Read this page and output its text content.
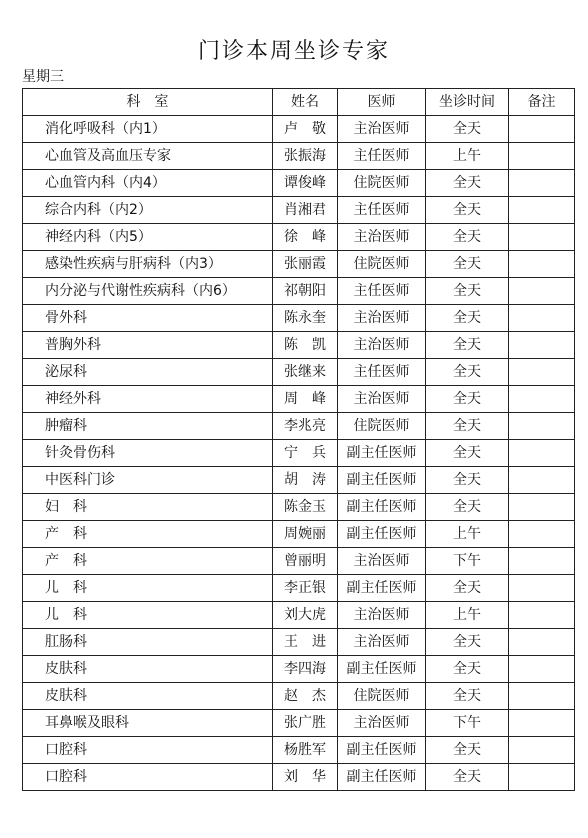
门诊本周坐诊专家
星期三
科　室	姓名	医师	坐诊时间	备注
消化呼吸科（内1）	卢　敬	主治医师	全天	
心血管及高血压专家	张振海	主任医师	上午	
心血管内科（内4）	谭俊峰	住院医师	全天	
综合内科（内2）	肖湘君	主任医师	全天	
神经内科（内5）	徐　峰	主治医师	全天	
感染性疾病与肝病科（内3）	张丽霞	住院医师	全天	
内分泌与代谢性疾病科（内6）	祁朝阳	主任医师	全天	
骨外科	陈永奎	主治医师	全天	
普胸外科	陈　凯	主治医师	全天	
泌尿科	张继来	主任医师	全天	
神经外科	周　峰	主治医师	全天	
肿瘤科	李兆亮	住院医师	全天	
针灸骨伤科	宁　兵	副主任医师	全天	
中医科门诊	胡　涛	副主任医师	全天	
妇　科	陈金玉	副主任医师	全天	
产　科	周婉丽	副主任医师	上午	
产　科	曾丽明	主治医师	下午	
儿　科	李正银	副主任医师	全天	
儿　科	刘大虎	主治医师	上午	
肛肠科	王　进	主治医师	全天	
皮肤科	李四海	副主任医师	全天	
皮肤科	赵　杰	住院医师	全天	
耳鼻喉及眼科	张广胜	主治医师	下午	
口腔科	杨胜军	副主任医师	全天	
口腔科	刘　华	副主任医师	全天	
